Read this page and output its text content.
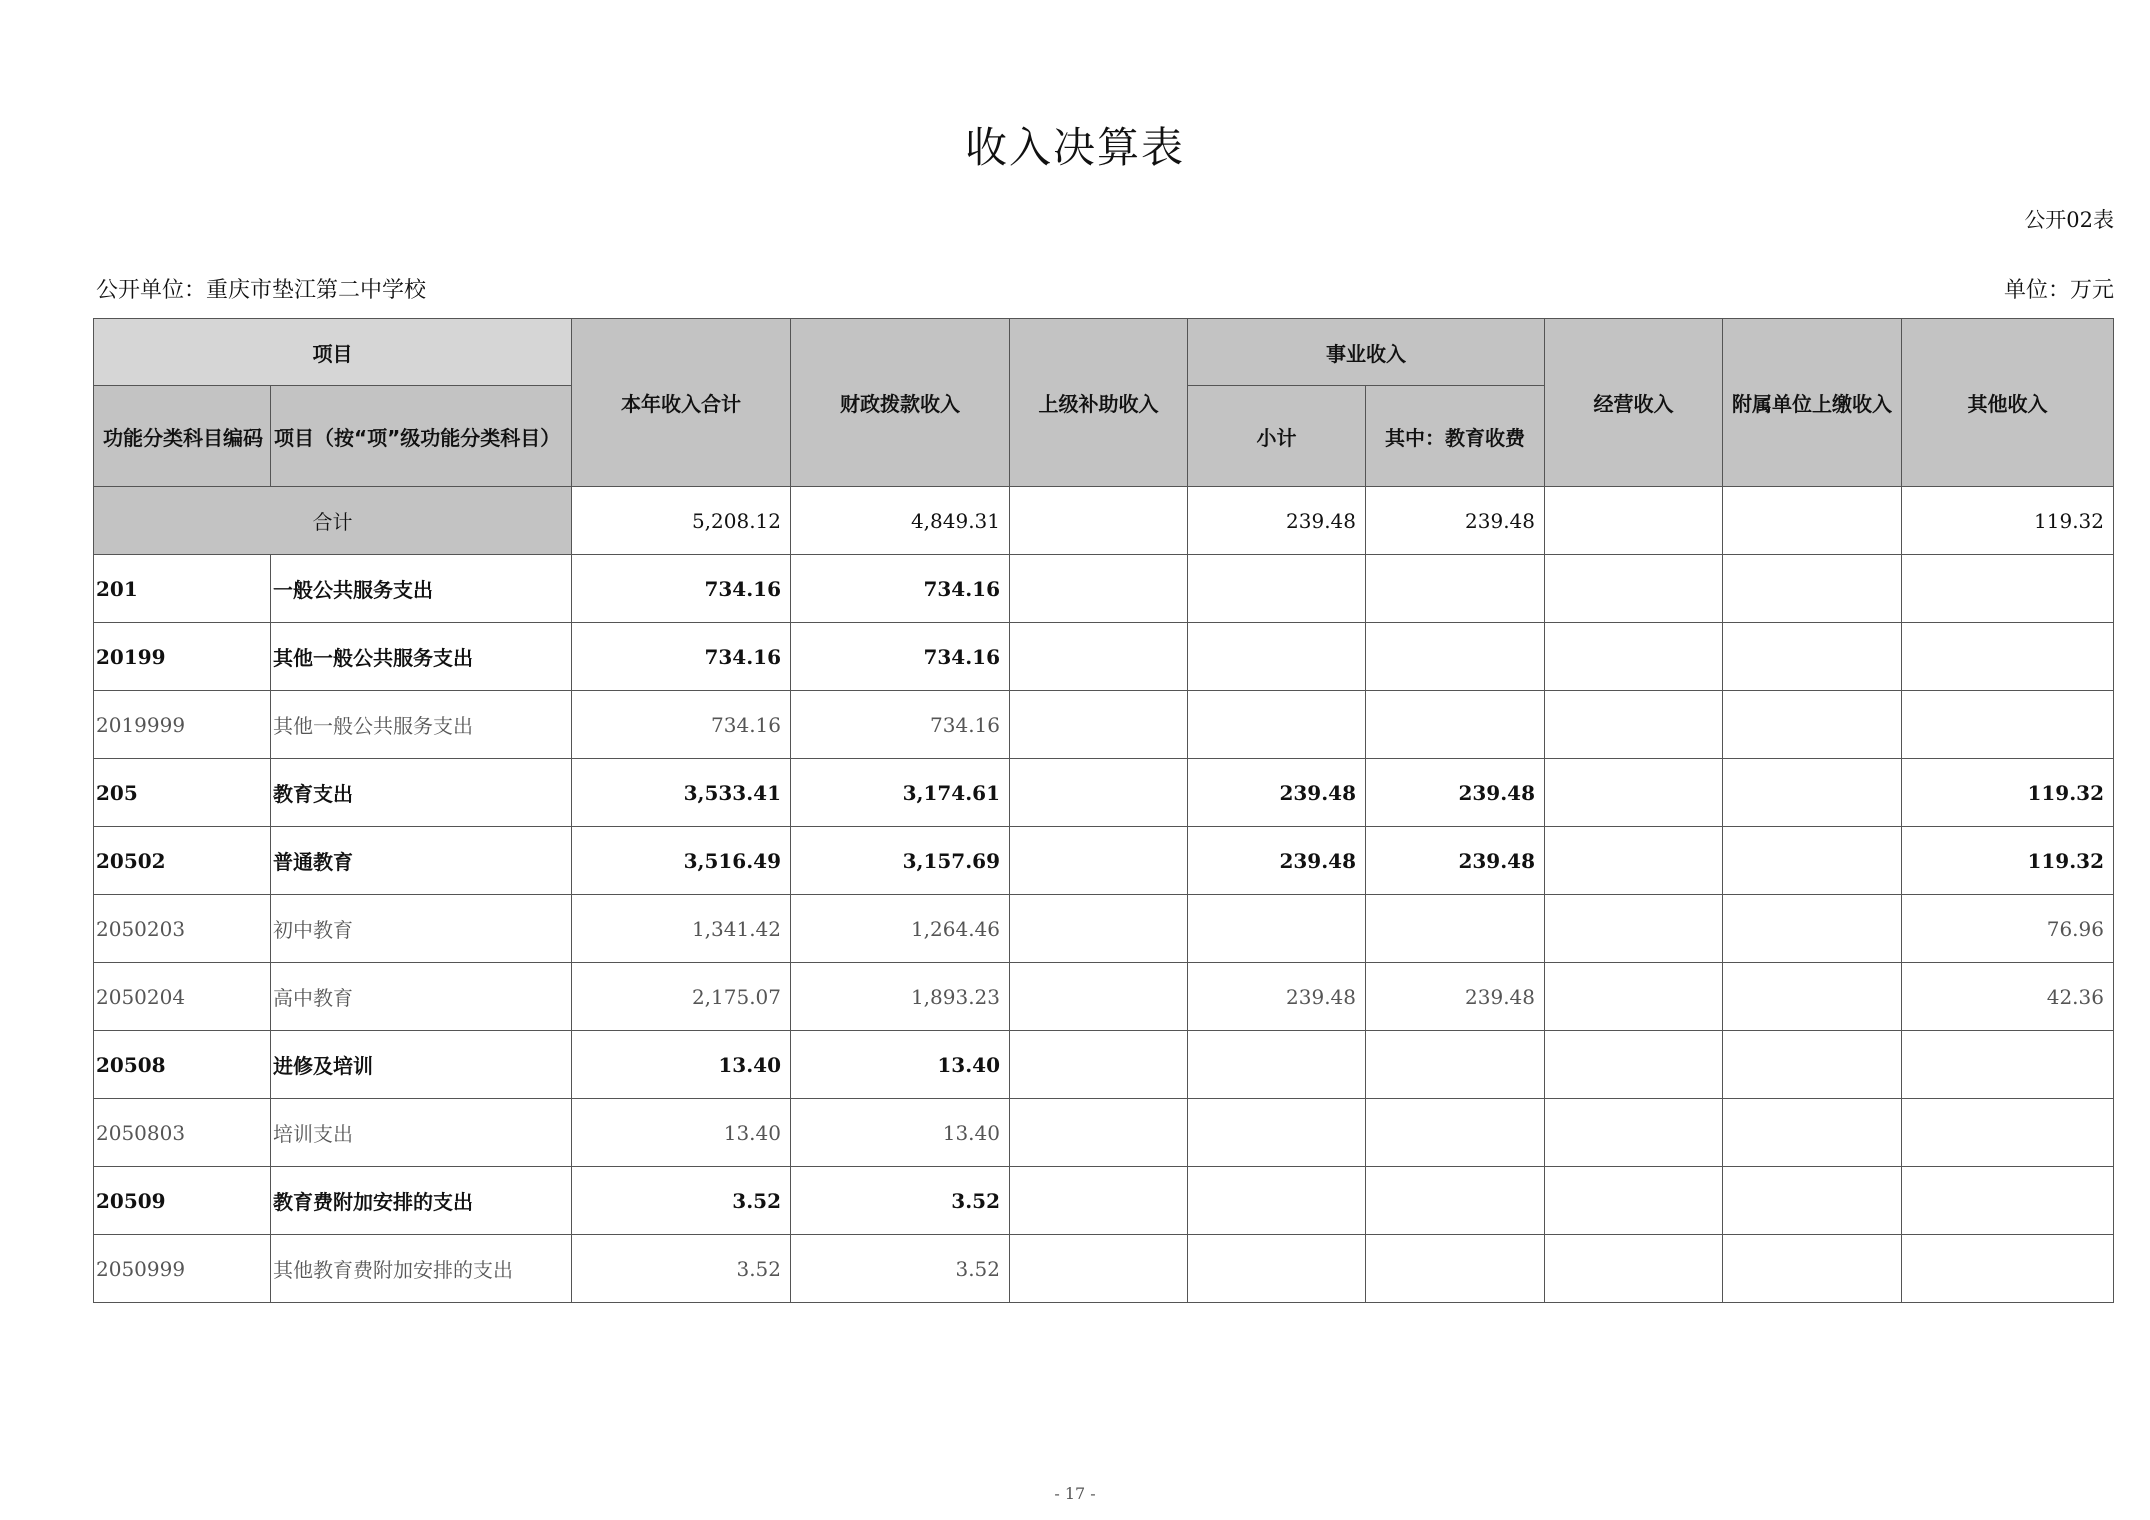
收入决算表
公开02表
公开单位：重庆市垫江第二中学校	单位：万元
项目		本年收入合计	财政拨款收入	上级补助收入	事业收入		经营收入	附属单位上缴收入	其他收入
功能分类科目编码	项目（按“项”级功能分类科目）				小计	其中：教育收费			

合计		5,208.12	4,849.31		239.48	239.48			119.32
201	一般公共服务支出	734.16	734.16						
20199	其他一般公共服务支出	734.16	734.16						
2019999	其他一般公共服务支出	734.16	734.16						
205	教育支出	3,533.41	3,174.61		239.48	239.48			119.32
20502	普通教育	3,516.49	3,157.69		239.48	239.48			119.32
2050203	初中教育	1,341.42	1,264.46						76.96
2050204	高中教育	2,175.07	1,893.23		239.48	239.48			42.36
20508	进修及培训	13.40	13.40						
2050803	培训支出	13.40	13.40						
20509	教育费附加安排的支出	3.52	3.52						
2050999	其他教育费附加安排的支出	3.52	3.52						
- 17 -
